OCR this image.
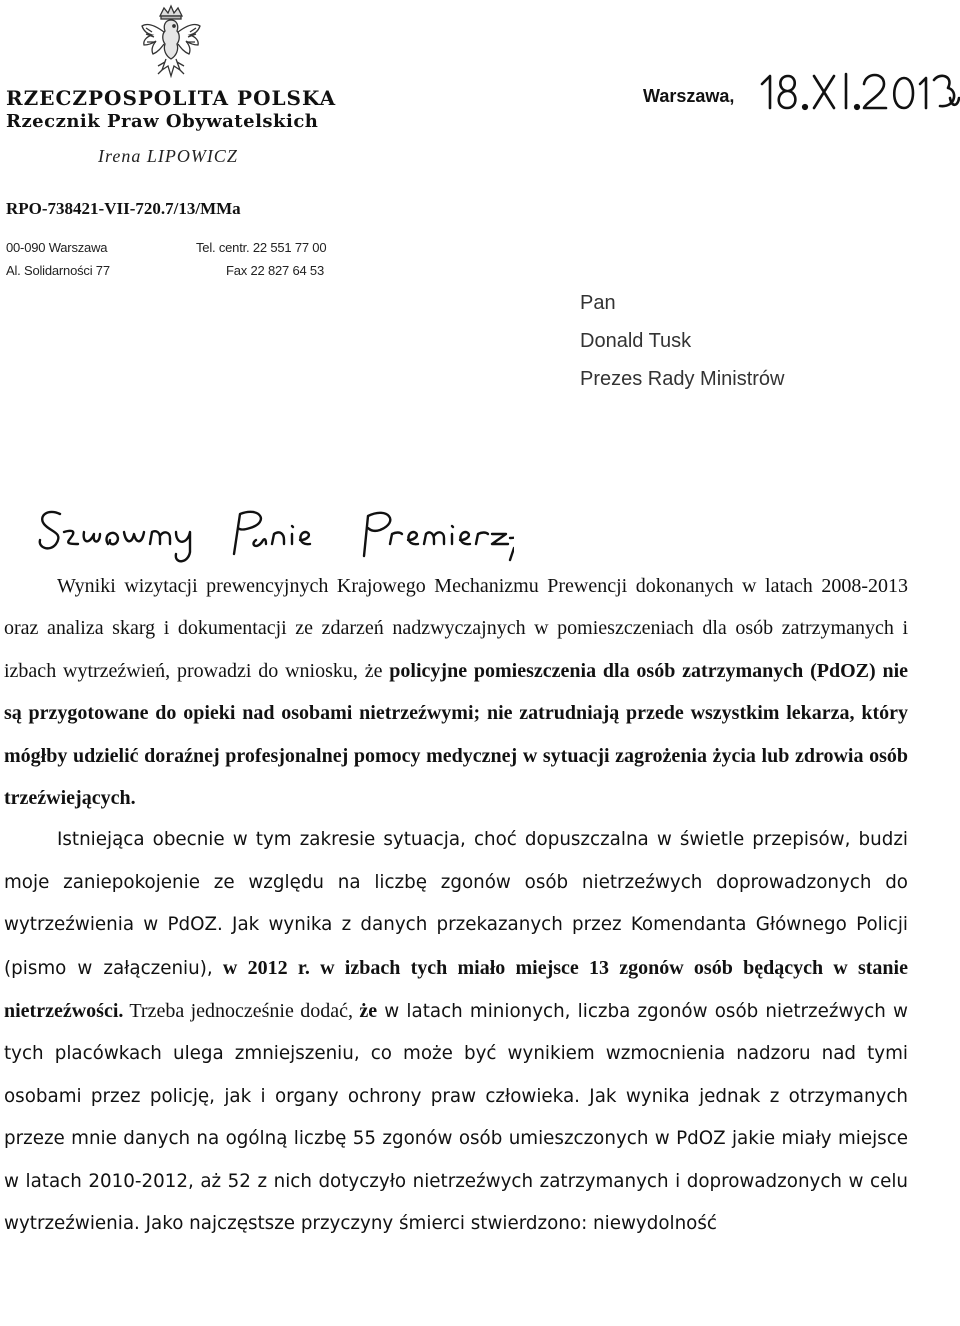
RZECZPOSPOLITA POLSKA
Rzecznik Praw Obywatelskich
Irena LIPOWICZ
RPO-738421-VII-720.7/13/MMa
00-090 Warszawa
Al. Solidarności 77
Tel. centr. 22 551 77 00
Fax 22 827 64 53
Warszawa,
Pan
Donald Tusk
Prezes Rady Ministrów

Wyniki wizytacji prewencyjnych Krajowego Mechanizmu Prewencji dokonanych w latach 2008-2013 oraz analiza skarg i dokumentacji ze zdarzeń nadzwyczajnych w pomieszczeniach dla osób zatrzymanych i izbach wytrzeźwień, prowadzi do wniosku, że policyjne pomieszczenia dla osób zatrzymanych (PdOZ) nie są przygotowane do opieki nad osobami nietrzeźwymi; nie zatrudniają przede wszystkim lekarza, który mógłby udzielić doraźnej profesjonalnej pomocy medycznej w sytuacji zagrożenia życia lub zdrowia osób trzeźwiejących.

Istniejąca obecnie w tym zakresie sytuacja, choć dopuszczalna w świetle przepisów, budzi moje zaniepokojenie ze względu na liczbę zgonów osób nietrzeźwych doprowadzonych do wytrzeźwienia w PdOZ. Jak wynika z danych przekazanych przez Komendanta Głównego Policji (pismo w załączeniu), w 2012 r. w izbach tych miało miejsce 13 zgonów osób będących w stanie nietrzeźwości. Trzeba jednocześnie dodać, że w latach minionych, liczba zgonów osób nietrzeźwych w tych placówkach ulega zmniejszeniu, co może być wynikiem wzmocnienia nadzoru nad tymi osobami przez policję, jak i organy ochrony praw człowieka. Jak wynika jednak z otrzymanych przeze mnie danych na ogólną liczbę 55 zgonów osób umieszczonych w PdOZ jakie miały miejsce w latach 2010-2012, aż 52 z nich dotyczyło nietrzeźwych zatrzymanych i doprowadzonych w celu wytrzeźwienia. Jako najczęstsze przyczyny śmierci stwierdzono: niewydolność
